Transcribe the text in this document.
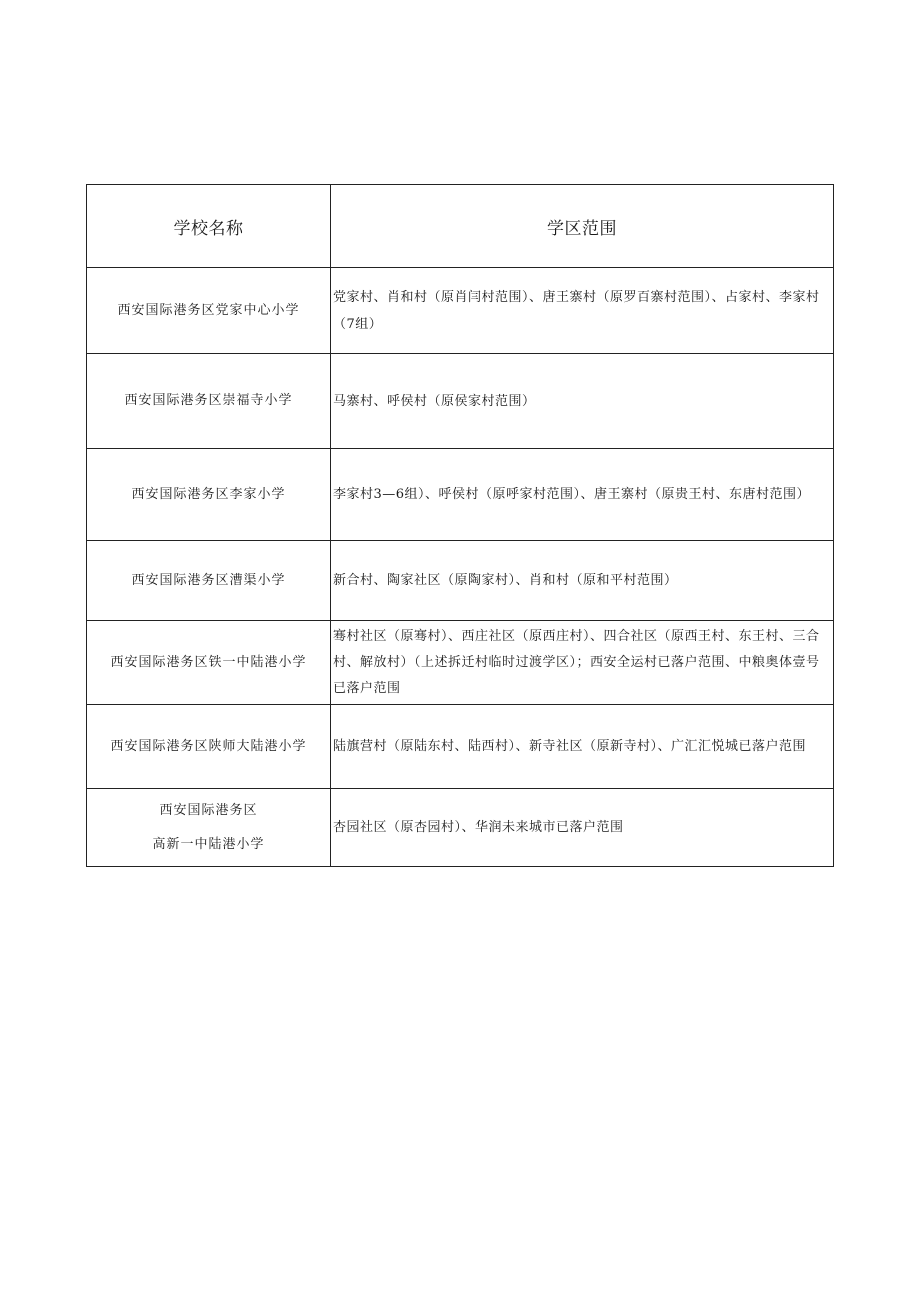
学校名称	学区范围
西安国际港务区党家中心小学	党家村、肖和村（原肖闫村范围）、唐王寨村（原罗百寨村范围）、占家村、李家村（7组）
西安国际港务区崇福寺小学	马寨村、呼侯村（原侯家村范围）
西安国际港务区李家小学	李家村3—6组）、呼侯村（原呼家村范围）、唐王寨村（原贵王村、东唐村范围）
西安国际港务区漕渠小学	新合村、陶家社区（原陶家村）、肖和村（原和平村范围）
西安国际港务区铁一中陆港小学	骞村社区（原骞村）、西庄社区（原西庄村）、四合社区（原西王村、东王村、三合村、解放村）（上述拆迁村临时过渡学区）；西安全运村已落户范围、中粮奥体壹号已落户范围
西安国际港务区陕师大陆港小学	陆旗营村（原陆东村、陆西村）、新寺社区（原新寺村）、广汇汇悦城已落户范围

西安国际港务区
高新一中陆港小学	杏园社区（原杏园村）、华润未来城市已落户范围
